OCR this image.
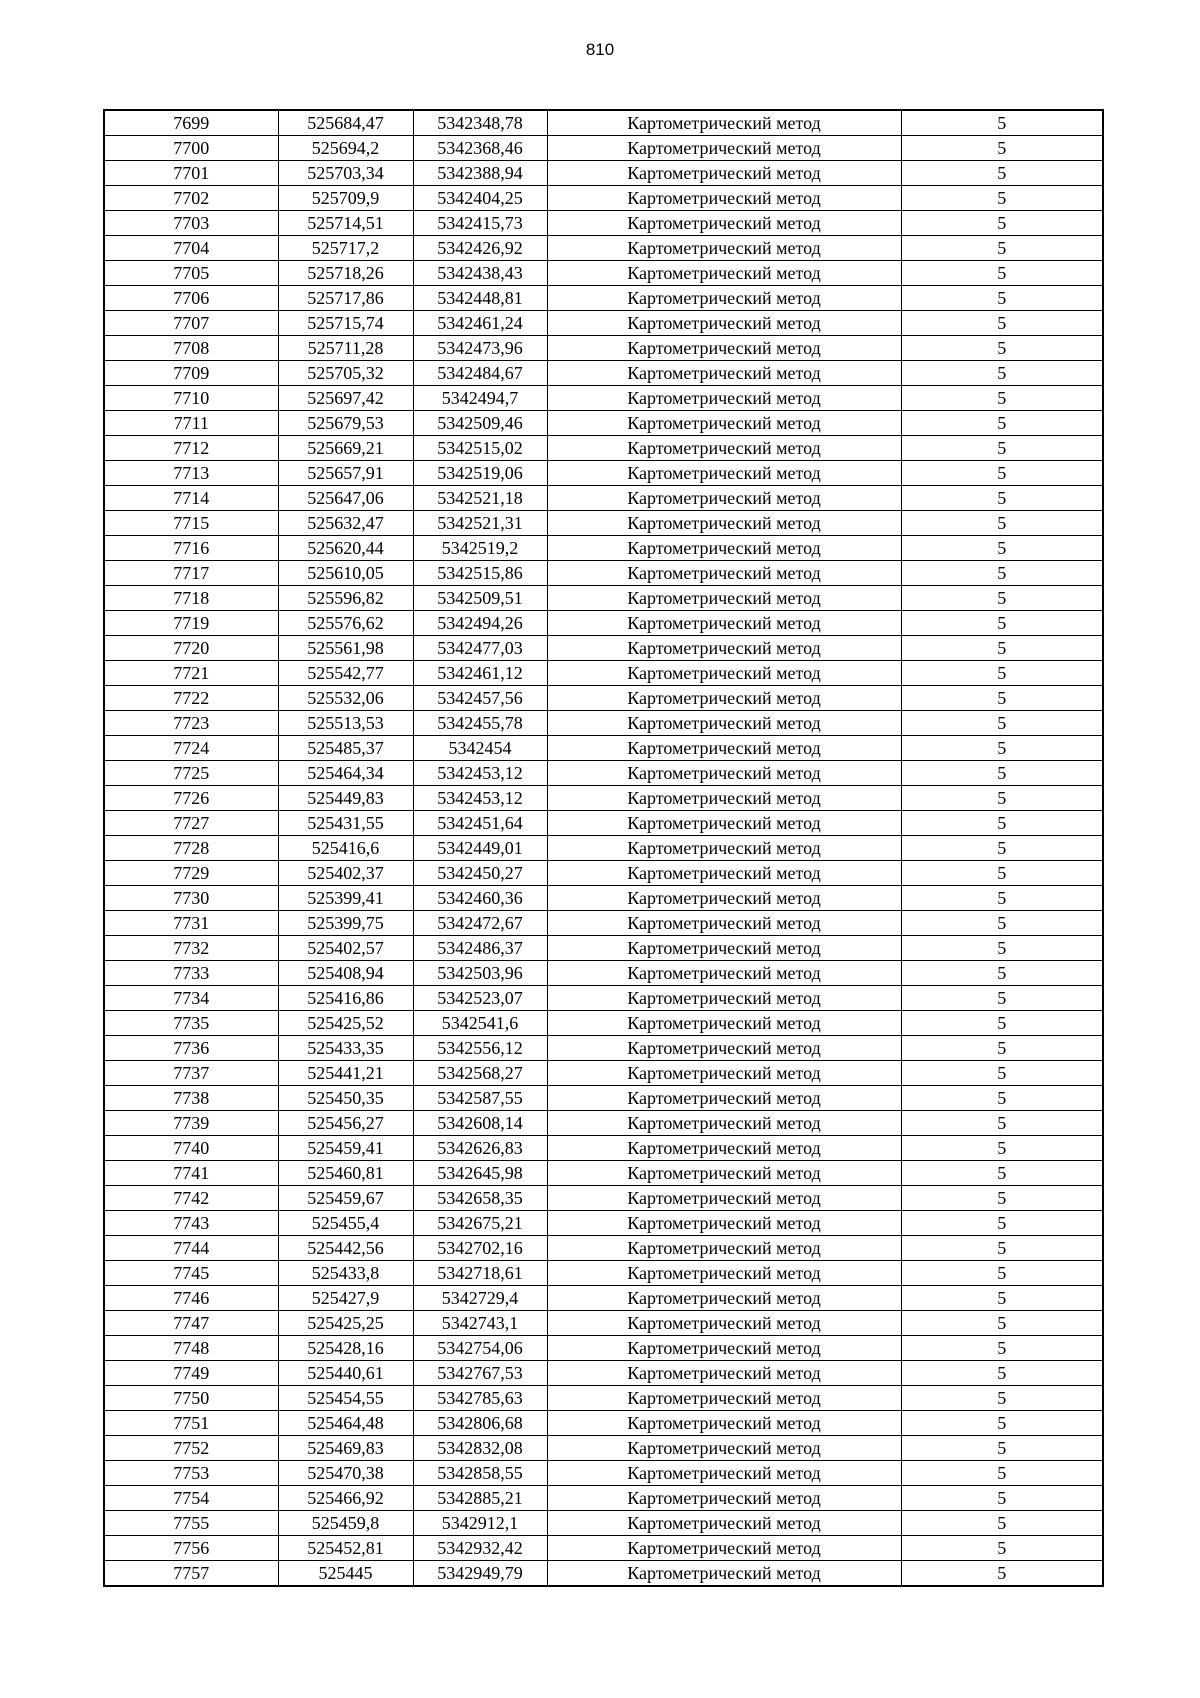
810
7699	525684,47	5342348,78	Картометрический метод	5
7700	525694,2	5342368,46	Картометрический метод	5
7701	525703,34	5342388,94	Картометрический метод	5
7702	525709,9	5342404,25	Картометрический метод	5
7703	525714,51	5342415,73	Картометрический метод	5
7704	525717,2	5342426,92	Картометрический метод	5
7705	525718,26	5342438,43	Картометрический метод	5
7706	525717,86	5342448,81	Картометрический метод	5
7707	525715,74	5342461,24	Картометрический метод	5
7708	525711,28	5342473,96	Картометрический метод	5
7709	525705,32	5342484,67	Картометрический метод	5
7710	525697,42	5342494,7	Картометрический метод	5
7711	525679,53	5342509,46	Картометрический метод	5
7712	525669,21	5342515,02	Картометрический метод	5
7713	525657,91	5342519,06	Картометрический метод	5
7714	525647,06	5342521,18	Картометрический метод	5
7715	525632,47	5342521,31	Картометрический метод	5
7716	525620,44	5342519,2	Картометрический метод	5
7717	525610,05	5342515,86	Картометрический метод	5
7718	525596,82	5342509,51	Картометрический метод	5
7719	525576,62	5342494,26	Картометрический метод	5
7720	525561,98	5342477,03	Картометрический метод	5
7721	525542,77	5342461,12	Картометрический метод	5
7722	525532,06	5342457,56	Картометрический метод	5
7723	525513,53	5342455,78	Картометрический метод	5
7724	525485,37	5342454	Картометрический метод	5
7725	525464,34	5342453,12	Картометрический метод	5
7726	525449,83	5342453,12	Картометрический метод	5
7727	525431,55	5342451,64	Картометрический метод	5
7728	525416,6	5342449,01	Картометрический метод	5
7729	525402,37	5342450,27	Картометрический метод	5
7730	525399,41	5342460,36	Картометрический метод	5
7731	525399,75	5342472,67	Картометрический метод	5
7732	525402,57	5342486,37	Картометрический метод	5
7733	525408,94	5342503,96	Картометрический метод	5
7734	525416,86	5342523,07	Картометрический метод	5
7735	525425,52	5342541,6	Картометрический метод	5
7736	525433,35	5342556,12	Картометрический метод	5
7737	525441,21	5342568,27	Картометрический метод	5
7738	525450,35	5342587,55	Картометрический метод	5
7739	525456,27	5342608,14	Картометрический метод	5
7740	525459,41	5342626,83	Картометрический метод	5
7741	525460,81	5342645,98	Картометрический метод	5
7742	525459,67	5342658,35	Картометрический метод	5
7743	525455,4	5342675,21	Картометрический метод	5
7744	525442,56	5342702,16	Картометрический метод	5
7745	525433,8	5342718,61	Картометрический метод	5
7746	525427,9	5342729,4	Картометрический метод	5
7747	525425,25	5342743,1	Картометрический метод	5
7748	525428,16	5342754,06	Картометрический метод	5
7749	525440,61	5342767,53	Картометрический метод	5
7750	525454,55	5342785,63	Картометрический метод	5
7751	525464,48	5342806,68	Картометрический метод	5
7752	525469,83	5342832,08	Картометрический метод	5
7753	525470,38	5342858,55	Картометрический метод	5
7754	525466,92	5342885,21	Картометрический метод	5
7755	525459,8	5342912,1	Картометрический метод	5
7756	525452,81	5342932,42	Картометрический метод	5
7757	525445	5342949,79	Картометрический метод	5
